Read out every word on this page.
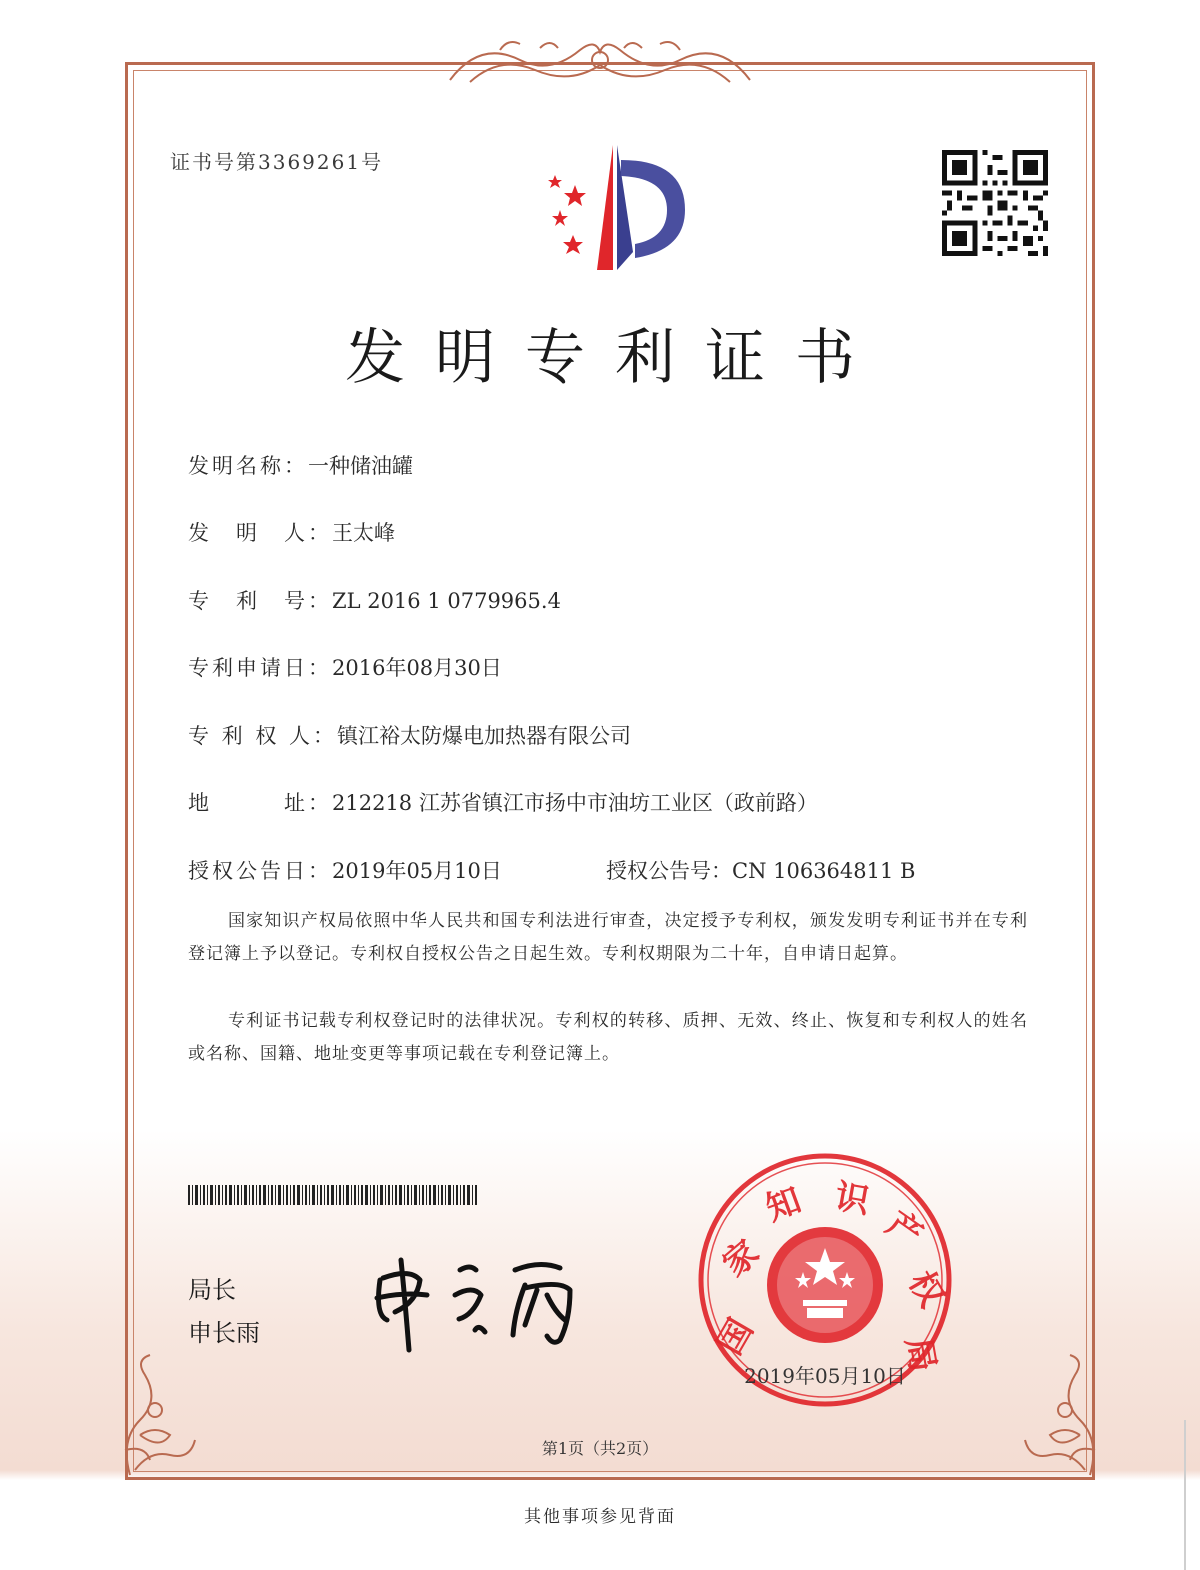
证书号第3369261号
发明专利证书
发明名称：一种储油罐
发　明　人：王太峰
专　利　号：ZL 2016 1 0779965.4
专利申请日：2016年08月30日
专 利 权 人：镇江裕太防爆电加热器有限公司
地　　　址：212218 江苏省镇江市扬中市油坊工业区（政前路）
授权公告日：2019年05月10日	授权公告号：CN 106364811 B
国家知识产权局依照中华人民共和国专利法进行审查，决定授予专利权，颁发发明专利证书并在专利登记簿上予以登记。专利权自授权公告之日起生效。专利权期限为二十年，自申请日起算。
专利证书记载专利权登记时的法律状况。专利权的转移、质押、无效、终止、恢复和专利权人的姓名或名称、国籍、地址变更等事项记载在专利登记簿上。
局长
申长雨	国
家
知 识
产
权
局
2019年05月10日
第1页（共2页）
其他事项参见背面
